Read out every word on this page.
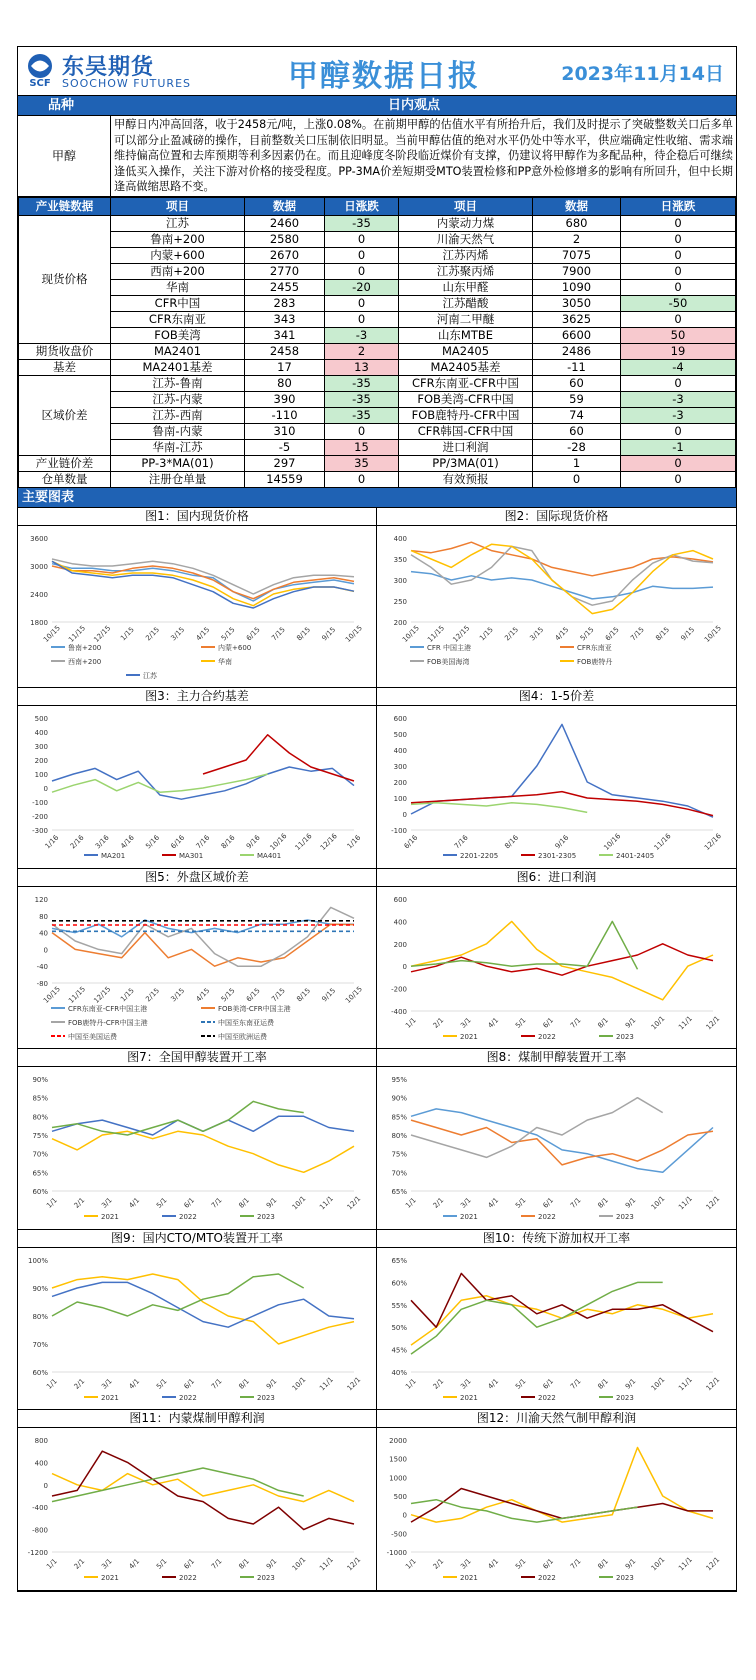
SCF
东吴期货
SOOCHOW FUTURES	甲醇数据日报	2023年11月14日
品种	日内观点
甲醇
甲醇日内冲高回落，收于2458元/吨，上涨0.08%。在前期甲醇的估值水平有所抬升后，我们及时提示了突破整数关口后多单可以部分止盈减磅的操作，目前整数关口压制依旧明显。当前甲醇估值的绝对水平仍处中等水平，供应端确定性收缩、需求端维持偏高位置和去库预期等利多因素仍在。而且迎峰度冬阶段临近煤价有支撑，仍建议将甲醇作为多配品种，待企稳后可继续逢低买入操作，关注下游对价格的接受程度。PP-3MA价差短期受MTO装置检修和PP意外检修增多的影响有所回升，但中长期逢高做缩思路不变。
产业链数据	项目	数据	日涨跌	项目	数据	日涨跌
现货价格	江苏	2460	-35	内蒙动力煤	680	0
	鲁南+200	2580	0	川渝天然气	2	0
	内蒙+600	2670	0	江苏丙烯	7075	0
	西南+200	2770	0	江苏聚丙烯	7900	0
	华南	2455	-20	山东甲醛	1090	0
	CFR中国	283	0	江苏醋酸	3050	-50
	CFR东南亚	343	0	河南二甲醚	3625	0
	FOB美湾	341	-3	山东MTBE	6600	50
期货收盘价	MA2401	2458	2	MA2405	2486	19
基差	MA2401基差	17	13	MA2405基差	-11	-4
区域价差	江苏-鲁南	80	-35	CFR东南亚-CFR中国	60	0
	江苏-内蒙	390	-35	FOB美湾-CFR中国	59	-3
	江苏-西南	-110	-35	FOB鹿特丹-CFR中国	74	-3
	鲁南-内蒙	310	0	CFR韩国-CFR中国	60	0
	华南-江苏	-5	15	进口利润	-28	-1
产业链价差	PP-3*MA(01)	297	35	PP/3MA(01)	1	0
仓单数量	注册仓单量	14559	0	有效预报	0	0
主要图表
图1：国内现货价格
3600
3000
2400
1800
10/15 11/15 12/15 1/15 2/15 3/15 4/15 5/15 6/15 7/15 8/15 9/15 10/15
鲁南+200	内蒙+600
西南+200	华南
江苏
图2：国际现货价格
400
350
300
250
200
10/15 11/15 12/15 1/15 2/15 3/15 4/15 5/15 6/15 7/15 8/15 9/15 10/15
CFR 中国主港	CFR东南亚
FOB美国海湾	FOB鹿特丹
图3：主力合约基差
500
400
300
200
100
0
-100
-200
-300
1/16 2/16 3/16 4/16 5/16 6/16 7/16 8/16 9/16 10/16 11/16 12/16 1/16
MA201	MA301	MA401
图4：1-5价差
600
500
400
300
200
100
0
-100
6/16	7/16	8/16	9/16	10/16	11/16	12/16
2201-2205	2301-2305	2401-2405
图5：外盘区域价差
120
80
40
0
-40
-80
10/15 11/15 12/15 1/15 2/15 3/15 4/15 5/15 6/15 7/15 8/15 9/15 10/15
CFR东南亚-CFR中国主港	FOB美湾-CFR中国主港
FOB鹿特丹-CFR中国主港	中国至东南亚运费
中国至美国运费	中国至欧洲运费
图6：进口利润
600
400
200
0
-200
-400
1/1 2/1 3/1 4/1 5/1 6/1 7/1 8/1 9/1 10/1 11/1 12/1
2021	2022	2023
图7：全国甲醇装置开工率
90%
85%
80%
75%
70%
65%
60%
1/1 2/1 3/1 4/1 5/1 6/1 7/1 8/1 9/1 10/1 11/1 12/1
2021	2022	2023
图8：煤制甲醇装置开工率
95%
90%
85%
80%
75%
70%
65%
1/1 2/1 3/1 4/1 5/1 6/1 7/1 8/1 9/1 10/1 11/1 12/1
2021	2022	2023
图9：国内CTO/MTO装置开工率
100%
90%
80%
70%
60%
1/1 2/1 3/1 4/1 5/1 6/1 7/1 8/1 9/1 10/1 11/1 12/1
2021	2022	2023
图10：传统下游加权开工率
65%
60%
55%
50%
45%
40%
1/1 2/1 3/1 4/1 5/1 6/1 7/1 8/1 9/1 10/1 11/1 12/1
2021	2022	2023
图11：内蒙煤制甲醇利润
800
400
0
-400
-800
-1200
1/1 2/1 3/1 4/1 5/1 6/1 7/1 8/1 9/1 10/1 11/1 12/1
2021	2022	2023
图12：川渝天然气制甲醇利润
2000
1500
1000
500
0
-500
-1000
1/1 2/1 3/1 4/1 5/1 6/1 7/1 8/1 9/1 10/1 11/1 12/1
2021	2022	2023
